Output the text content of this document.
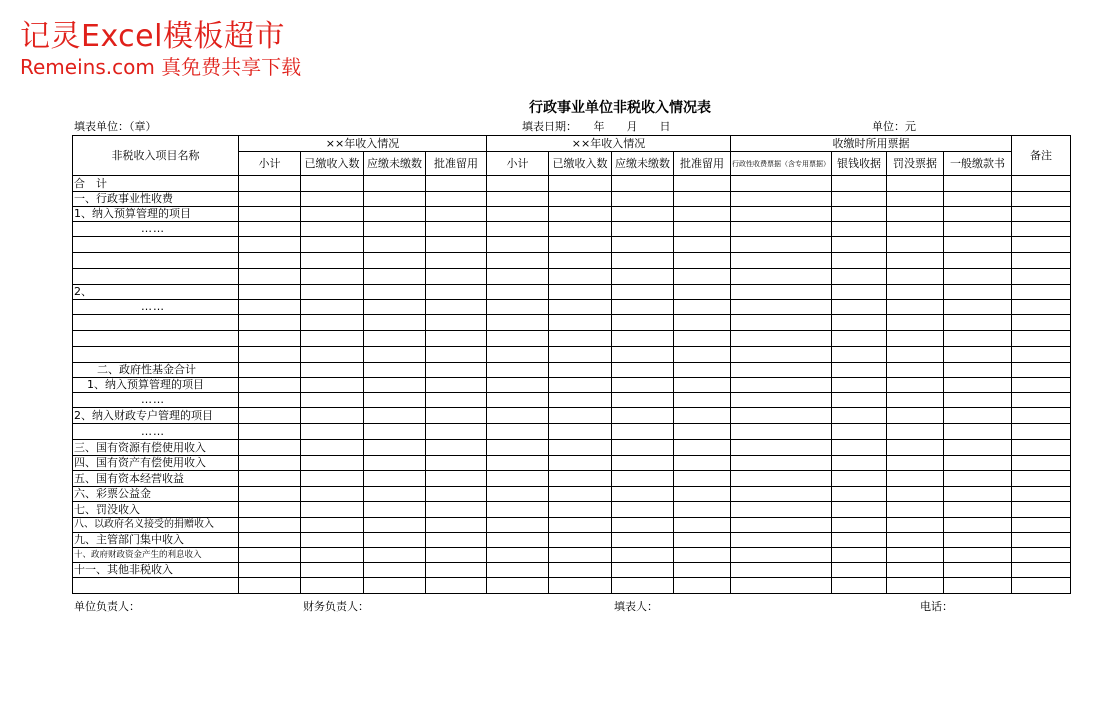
记灵Excel模板超市
Remeins.com 真免费共享下载
行政事业单位非税收入情况表
填表单位：（章）	填表日期：　　年　　月　　日	单位：元
非税收入项目名称	××年收入情况				××年收入情况				收缴时所用票据				备注
	小计	已缴收入数	应缴未缴数	批准留用	小计	已缴收入数	应缴未缴数	批准留用	行政性收费票据（含专用票据）	银钱收据	罚没票据	一般缴款书	
合　计													
一、行政事业性收费													
1、纳入预算管理的项目													
……													

2、													
……													

二、政府性基金合计													
1、纳入预算管理的项目													
……													
2、纳入财政专户管理的项目													
……													
三、国有资源有偿使用收入													
四、国有资产有偿使用收入													
五、国有资本经营收益													
六、彩票公益金													
七、罚没收入													
八、以政府名义接受的捐赠收入													
九、主管部门集中收入													
十、政府财政资金产生的利息收入													
十一、其他非税收入													

单位负责人：	财务负责人：	填表人：	电话：
